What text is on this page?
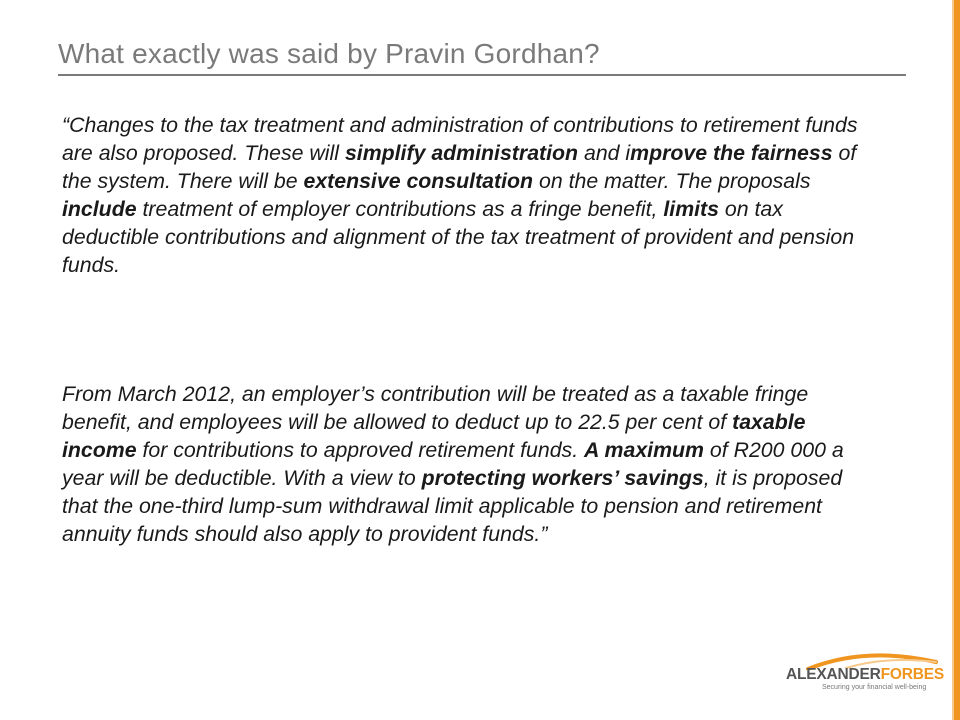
What exactly was said by Pravin Gordhan?

“Changes to the tax treatment and administration of contributions to retirement funds are also proposed. These will simplify administration and improve the fairness of the system. There will be extensive consultation on the matter. The proposals include treatment of employer contributions as a fringe benefit, limits on tax deductible contributions and alignment of the tax treatment of provident and pension funds.

From March 2012, an employer’s contribution will be treated as a taxable fringe benefit, and employees will be allowed to deduct up to 22.5 per cent of taxable income for contributions to approved retirement funds. A maximum of R200 000 a year will be deductible. With a view to protecting workers’ savings, it is proposed that the one-third lump-sum withdrawal limit applicable to pension and retirement annuity funds should also apply to provident funds.”

ALEXANDERFORBES
Securing your financial well-being
